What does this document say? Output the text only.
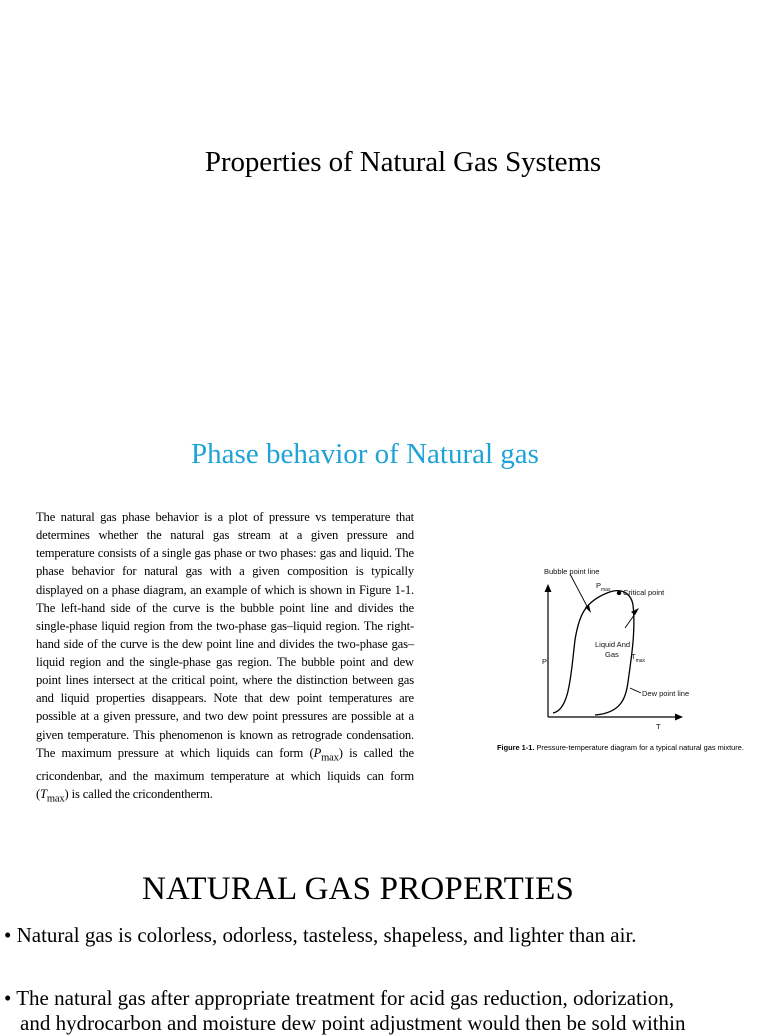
Properties of Natural Gas Systems
Phase behavior of Natural gas

The natural gas phase behavior is a plot of pressure vs temperature that determines whether the natural gas stream at a given pressure and temperature consists of a single gas phase or two phases: gas and liquid. The phase behavior for natural gas with a given composition is typically displayed on a phase diagram, an example of which is shown in Figure 1-1. The left-hand side of the curve is the bubble point line and divides the single-phase liquid region from the two-phase gas–liquid region. The right-hand side of the curve is the dew point line and divides the two-phase gas–liquid region and the single-phase gas region. The bubble point and dew point lines intersect at the critical point, where the distinction between gas and liquid properties disappears. Note that dew point temperatures are possible at a given pressure, and two dew point pressures are possible at a given temperature. This phenomenon is known as retrograde condensation. The maximum pressure at which liquids can form $(P_{max})$ is called the cricondenbar, and the maximum temperature at which liquids can form $(T_{max})$ is called the cricondentherm.

Bubble point line
$P_{max}$ Critical point
Liquid And
Gas $T_{max}$
P
Dew point line
T
Figure 1-1. Pressure-temperature diagram for a typical natural gas mixture.
NATURAL GAS PROPERTIES
• Natural gas is colorless, odorless, tasteless, shapeless, and lighter than air.
• The natural gas after appropriate treatment for acid gas reduction, odorization,
and hydrocarbon and moisture dew point adjustment would then be sold within
